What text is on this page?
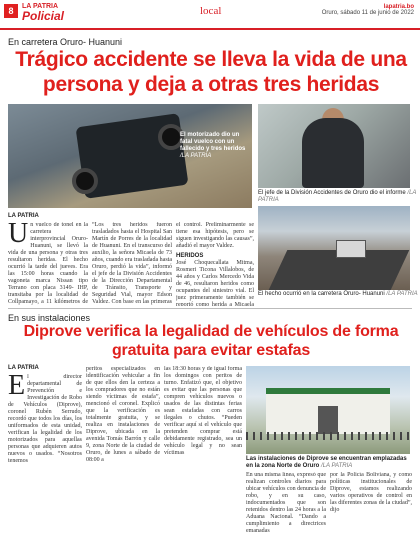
8	LA PATRIA
Policial	local	lapatria.bo
Oruro, sábado 11 de junio de 2022
En carretera Oruro- Huanuni
Trágico accidente se lleva la vida de una persona y deja a otras tres heridas
El motorizado dio un fatal vuelco con un fallecido y tres heridos /LA PATRIA
El jefe de la División Accidentes de Oruro dio el informe /LA PATRIA
El hecho ocurrió en la carretera Oruro- Huanuni /LA PATRIA
LA PATRIA
Un vuelco de tonel en la carretera interprovincial Oruro- Huanuni, se llevó la vida de una persona y otras tres resultaron heridas. El hecho ocurrió la tarde del jueves. Era las 15:00 horas cuando la vagoneta marca Nissan tipo Terrano con placa 3149- IHP, transitaba por la localidad de Collpamayo, a 11 kilómetros de
“Los tres heridos fueron trasladados hasta el Hospital San Martín de Porres de la localidad de Huanuni. En el transcurso del auxilio, la señora Micaela de 73 años, cuando era trasladada hasta Oruro, perdió la vida”, informó el jefe de la División Accidentes de la Dirección Departamental de Tránsito, Transporte y Seguridad Vial, mayor Edson Valdez. Con base en las primeras
el control. Preliminarmente se tiene esa hipótesis, pero se siguen investigando las causas”, añadió el mayor Valdez.
HERIDOS
José Choquecallata Mitma, Rosmeri Ticona Villalobos, de 44 años y Carlos Mercedo Vida de 46, resultaron heridos como ocupantes del siniestro vial. El juez primeramente también se reportó como herida a Micaela
En sus instalaciones
Diprove verifica la legalidad de vehículos de forma gratuita para evitar estafas
LA PATRIA
El director departamental de Prevención e Investigación de Robo de Vehículos (Diprove), coronel Rubén Serrudo, recordó que todos los días, los uniformados de esta unidad, verifican la legalidad de los motorizados para aquellas personas que adquieren autos nuevos o usados. “Nosotros tenemos
peritos especializados en identificación vehicular a fin de que ellos den la certeza a los compradores que no están siendo víctimas de estafa”, mencionó el coronel. Explicó que la verificación es totalmente gratuita, y se realiza en instalaciones de Diprove, ubicada en la avenida Tomás Barrón y calle 9, zona Norte de la ciudad de Oruro, de lunes a sábado de 08:00 a
las 18:30 horas y de igual forma los domingos con peritos de turno. Enfatizó que, el objetivo es evitar que las personas que compren vehículos nuevos o usados de las distintas ferias sean estafadas con carros ilegales o chutos. “Pueden verificar aquí si el vehículo que pretenden comprar está debidamente registrado, sea un vehículo legal y no sean víctimas
Las instalaciones de Diprove se encuentran emplazadas en la zona Norte de Oruro /LA PATRIA
En una misma línea, expresó que realizan controles diarios para ubicar vehículos con denuncia de robo, y en su caso, indocumentados que son retenidos dentro las 24 horas a la Aduana Nacional. “Dando a cumplimiento a directrices emanadas
por la Policía Boliviana, y como políticas institucionales de Diprove, estamos realizando varios operativos de control en las diferentes zonas de la ciudad”, dijo
